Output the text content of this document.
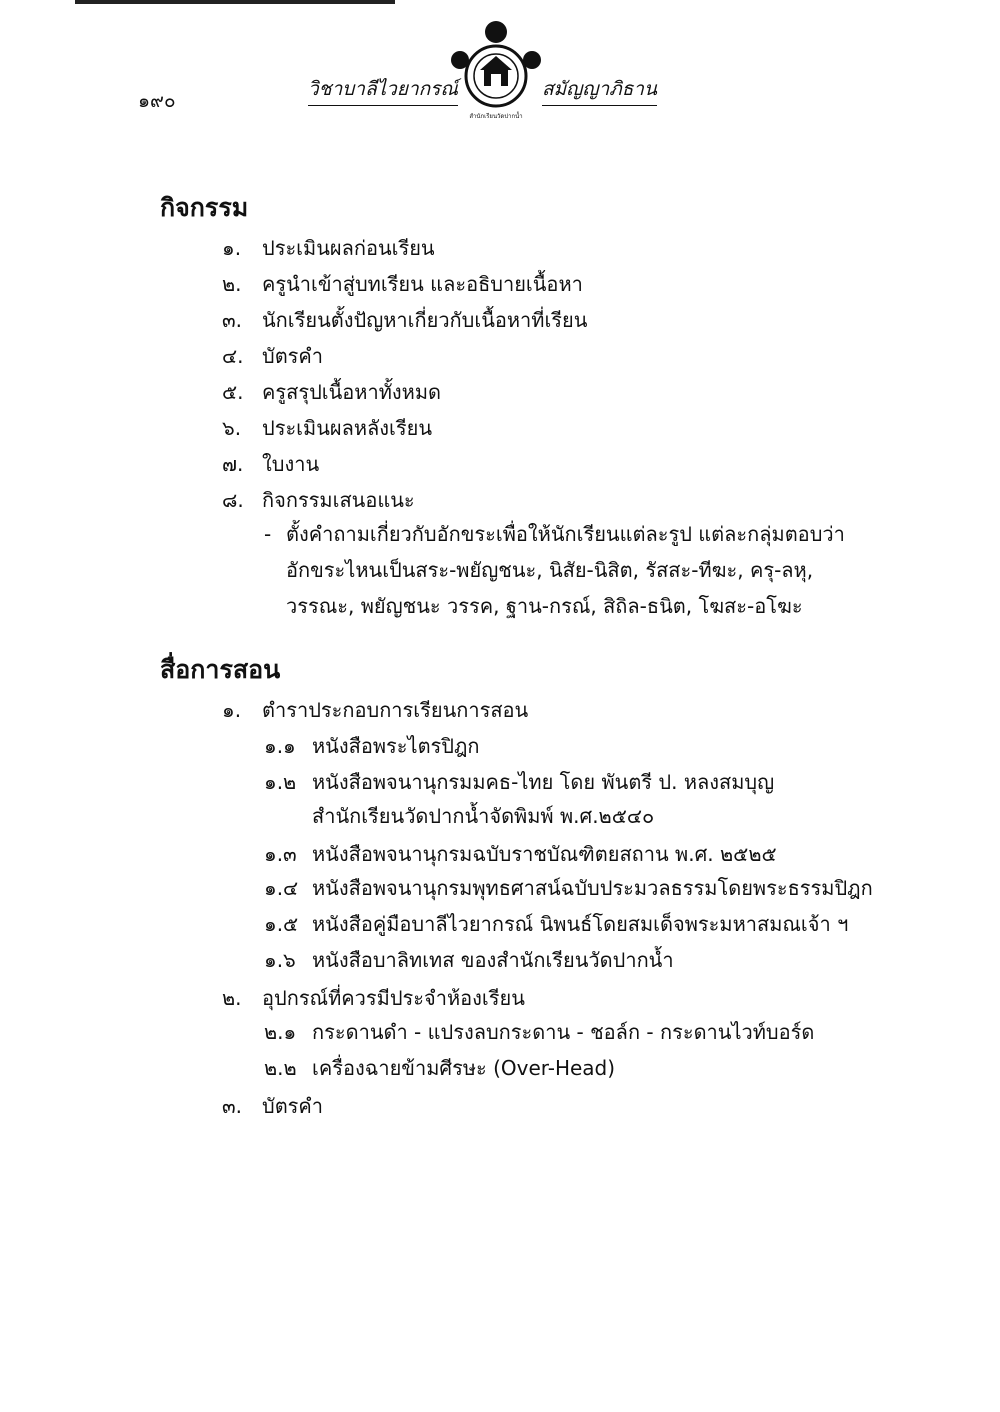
๑๙๐
วิชาบาลีไวยากรณ์
สำนักเรียนวัดปากน้ำ
สมัญญาภิธาน
กิจกรรม
๑. ประเมินผลก่อนเรียน
๒. ครูนำเข้าสู่บทเรียน และอธิบายเนื้อหา
๓. นักเรียนตั้งปัญหาเกี่ยวกับเนื้อหาที่เรียน
๔. บัตรคำ
๕. ครูสรุปเนื้อหาทั้งหมด
๖. ประเมินผลหลังเรียน
๗. ใบงาน
๘. กิจกรรมเสนอแนะ
- ตั้งคำถามเกี่ยวกับอักขระเพื่อให้นักเรียนแต่ละรูป แต่ละกลุ่มตอบว่า
อักขระไหนเป็นสระ-พยัญชนะ, นิสัย-นิสิต, รัสสะ-ทีฆะ, ครุ-ลหุ,
วรรณะ, พยัญชนะ วรรค, ฐาน-กรณ์, สิถิล-ธนิต, โฆสะ-อโฆะ
สื่อการสอน
๑. ตำราประกอบการเรียนการสอน
๑.๑ หนังสือพระไตรปิฎก
๑.๒ หนังสือพจนานุกรมมคธ-ไทย โดย พันตรี ป. หลงสมบุญ
สำนักเรียนวัดปากน้ำจัดพิมพ์ พ.ศ.๒๕๔๐
๑.๓ หนังสือพจนานุกรมฉบับราชบัณฑิตยสถาน พ.ศ. ๒๕๒๕
๑.๔ หนังสือพจนานุกรมพุทธศาสน์ฉบับประมวลธรรมโดยพระธรรมปิฎก
๑.๕ หนังสือคู่มือบาลีไวยากรณ์ นิพนธ์โดยสมเด็จพระมหาสมณเจ้า ฯ
๑.๖ หนังสือบาลิทเทส ของสำนักเรียนวัดปากน้ำ
๒. อุปกรณ์ที่ควรมีประจำห้องเรียน
๒.๑ กระดานดำ - แปรงลบกระดาน - ชอล์ก - กระดานไวท์บอร์ด
๒.๒ เครื่องฉายข้ามศีรษะ (Over-Head)
๓. บัตรคำ
